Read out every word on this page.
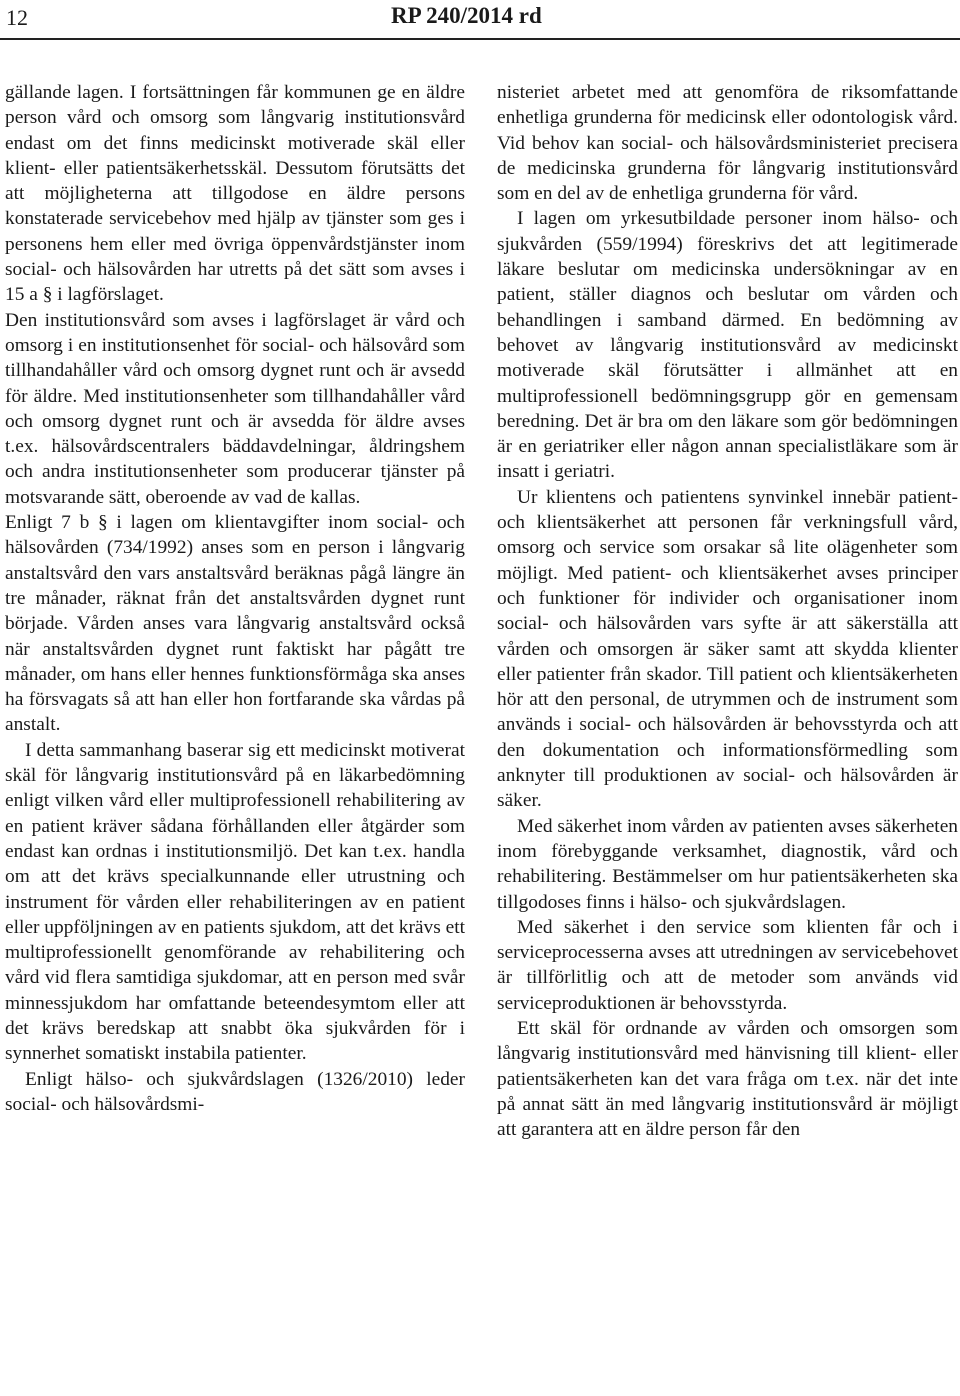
12	RP 240/2014 rd

gällande lagen. I fortsättningen får kommunen ge en äldre person vård och omsorg som långvarig institutionsvård endast om det finns medicinskt motiverade skäl eller klient- eller patientsäkerhetsskäl. Dessutom förutsätts det att möjligheterna att tillgodose en äldre persons konstaterade servicebehov med hjälp av tjänster som ges i personens hem eller med övriga öppenvårdstjänster inom social- och hälsovården har utretts på det sätt som avses i 15 a § i lagförslaget.

Den institutionsvård som avses i lagförslaget är vård och omsorg i en institutionsenhet för social- och hälsovård som tillhandahåller vård och omsorg dygnet runt och är avsedd för äldre. Med institutionsenheter som tillhandahåller vård och omsorg dygnet runt och är avsedda för äldre avses t.ex. hälsovårdscentralers bäddavdelningar, åldringshem och andra institutionsenheter som producerar tjänster på motsvarande sätt, oberoende av vad de kallas.

Enligt 7 b § i lagen om klientavgifter inom social- och hälsovården (734/1992) anses som en person i långvarig anstaltsvård den vars anstaltsvård beräknas pågå längre än tre månader, räknat från det anstaltsvården dygnet runt började. Vården anses vara långvarig anstaltsvård också när anstaltsvården dygnet runt faktiskt har pågått tre månader, om hans eller hennes funktionsförmåga ska anses ha försvagats så att han eller hon fortfarande ska vårdas på anstalt.

I detta sammanhang baserar sig ett medicinskt motiverat skäl för långvarig institutionsvård på en läkarbedömning enligt vilken vård eller multiprofessionell rehabilitering av en patient kräver sådana förhållanden eller åtgärder som endast kan ordnas i institutionsmiljö. Det kan t.ex. handla om att det krävs specialkunnande eller utrustning och instrument för vården eller rehabiliteringen av en patient eller uppföljningen av en patients sjukdom, att det krävs ett multiprofessionellt genomförande av rehabilitering och vård vid flera samtidiga sjukdomar, att en person med svår minnessjukdom har omfattande beteendesymtom eller att det krävs beredskap att snabbt öka sjukvården för i synnerhet somatiskt instabila patienter.

Enligt hälso- och sjukvårdslagen (1326/2010) leder social- och hälsovårdsmi-

nisteriet arbetet med att genomföra de riksomfattande enhetliga grunderna för medicinsk eller odontologisk vård. Vid behov kan social- och hälsovårdsministeriet precisera de medicinska grunderna för långvarig institutionsvård som en del av de enhetliga grunderna för vård.

I lagen om yrkesutbildade personer inom hälso- och sjukvården (559/1994) föreskrivs det att legitimerade läkare beslutar om medicinska undersökningar av en patient, ställer diagnos och beslutar om vården och behandlingen i samband därmed. En bedömning av behovet av långvarig institutionsvård av medicinskt motiverade skäl förutsätter i allmänhet att en multiprofessionell bedömningsgrupp gör en gemensam beredning. Det är bra om den läkare som gör bedömningen är en geriatriker eller någon annan specialistläkare som är insatt i geriatri.

Ur klientens och patientens synvinkel innebär patient- och klientsäkerhet att personen får verkningsfull vård, omsorg och service som orsakar så lite olägenheter som möjligt. Med patient- och klientsäkerhet avses principer och funktioner för individer och organisationer inom social- och hälsovården vars syfte är att säkerställa att vården och omsorgen är säker samt att skydda klienter eller patienter från skador. Till patient och klientsäkerheten hör att den personal, de utrymmen och de instrument som används i social- och hälsovården är behovsstyrda och att den dokumentation och informationsförmedling som anknyter till produktionen av social- och hälsovården är säker.

Med säkerhet inom vården av patienten avses säkerheten inom förebyggande verksamhet, diagnostik, vård och rehabilitering. Bestämmelser om hur patientsäkerheten ska tillgodoses finns i hälso- och sjukvårdslagen.

Med säkerhet i den service som klienten får och i serviceprocesserna avses att utredningen av servicebehovet är tillförlitlig och att de metoder som används vid serviceproduktionen är behovsstyrda.

Ett skäl för ordnande av vården och omsorgen som långvarig institutionsvård med hänvisning till klient- eller patientsäkerheten kan det vara fråga om t.ex. när det inte på annat sätt än med långvarig institutionsvård är möjligt att garantera att en äldre person får den
